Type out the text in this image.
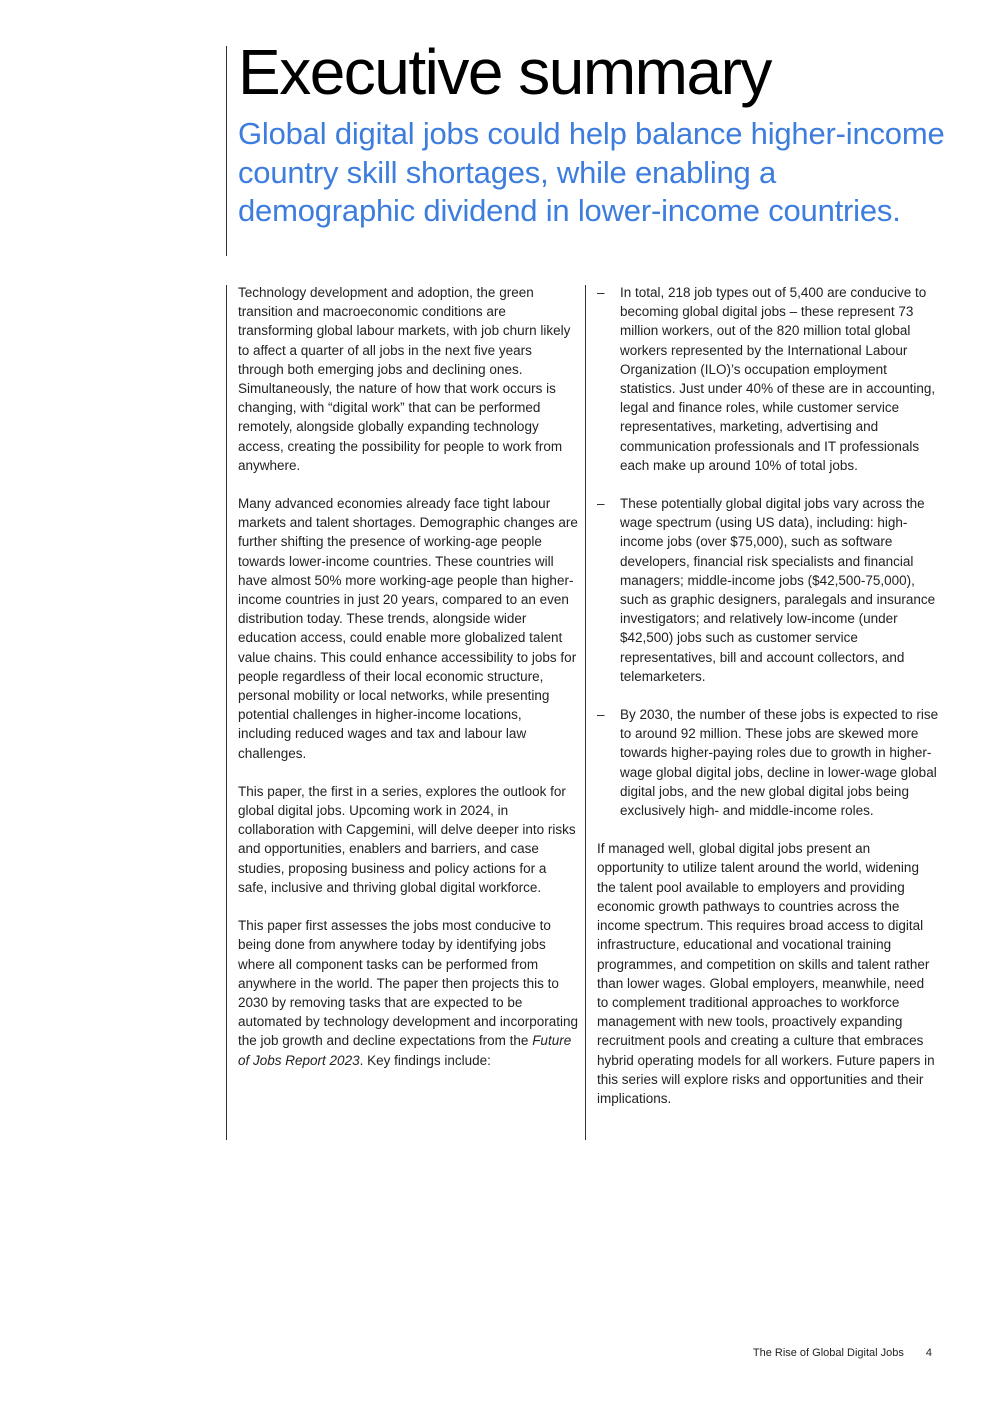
Executive summary

Global digital jobs could help balance higher-income country skill shortages, while enabling a demographic dividend in lower-income countries.

Technology development and adoption, the green transition and macroeconomic conditions are transforming global labour markets, with job churn likely to affect a quarter of all jobs in the next five years through both emerging jobs and declining ones. Simultaneously, the nature of how that work occurs is changing, with “digital work” that can be performed remotely, alongside globally expanding technology access, creating the possibility for people to work from anywhere.

Many advanced economies already face tight labour markets and talent shortages. Demographic changes are further shifting the presence of working-age people towards lower-income countries. These countries will have almost 50% more working-age people than higher-income countries in just 20 years, compared to an even distribution today. These trends, alongside wider education access, could enable more globalized talent value chains. This could enhance accessibility to jobs for people regardless of their local economic structure, personal mobility or local networks, while presenting potential challenges in higher-income locations, including reduced wages and tax and labour law challenges.

This paper, the first in a series, explores the outlook for global digital jobs. Upcoming work in 2024, in collaboration with Capgemini, will delve deeper into risks and opportunities, enablers and barriers, and case studies, proposing business and policy actions for a safe, inclusive and thriving global digital workforce.

This paper first assesses the jobs most conducive to being done from anywhere today by identifying jobs where all component tasks can be performed from anywhere in the world. The paper then projects this to 2030 by removing tasks that are expected to be automated by technology development and incorporating the job growth and decline expectations from the Future of Jobs Report 2023. Key findings include:

– In total, 218 job types out of 5,400 are conducive to becoming global digital jobs – these represent 73 million workers, out of the 820 million total global workers represented by the International Labour Organization (ILO)’s occupation employment statistics. Just under 40% of these are in accounting, legal and finance roles, while customer service representatives, marketing, advertising and communication professionals and IT professionals each make up around 10% of total jobs.
– These potentially global digital jobs vary across the wage spectrum (using US data), including: high-income jobs (over $75,000), such as software developers, financial risk specialists and financial managers; middle-income jobs ($42,500-75,000), such as graphic designers, paralegals and insurance investigators; and relatively low-income (under $42,500) jobs such as customer service representatives, bill and account collectors, and telemarketers.
– By 2030, the number of these jobs is expected to rise to around 92 million. These jobs are skewed more towards higher-paying roles due to growth in higher-wage global digital jobs, decline in lower-wage global digital jobs, and the new global digital jobs being exclusively high- and middle-income roles.

If managed well, global digital jobs present an opportunity to utilize talent around the world, widening the talent pool available to employers and providing economic growth pathways to countries across the income spectrum. This requires broad access to digital infrastructure, educational and vocational training programmes, and competition on skills and talent rather than lower wages. Global employers, meanwhile, need to complement traditional approaches to workforce management with new tools, proactively expanding recruitment pools and creating a culture that embraces hybrid operating models for all workers. Future papers in this series will explore risks and opportunities and their implications.

The Rise of Global Digital Jobs 4
